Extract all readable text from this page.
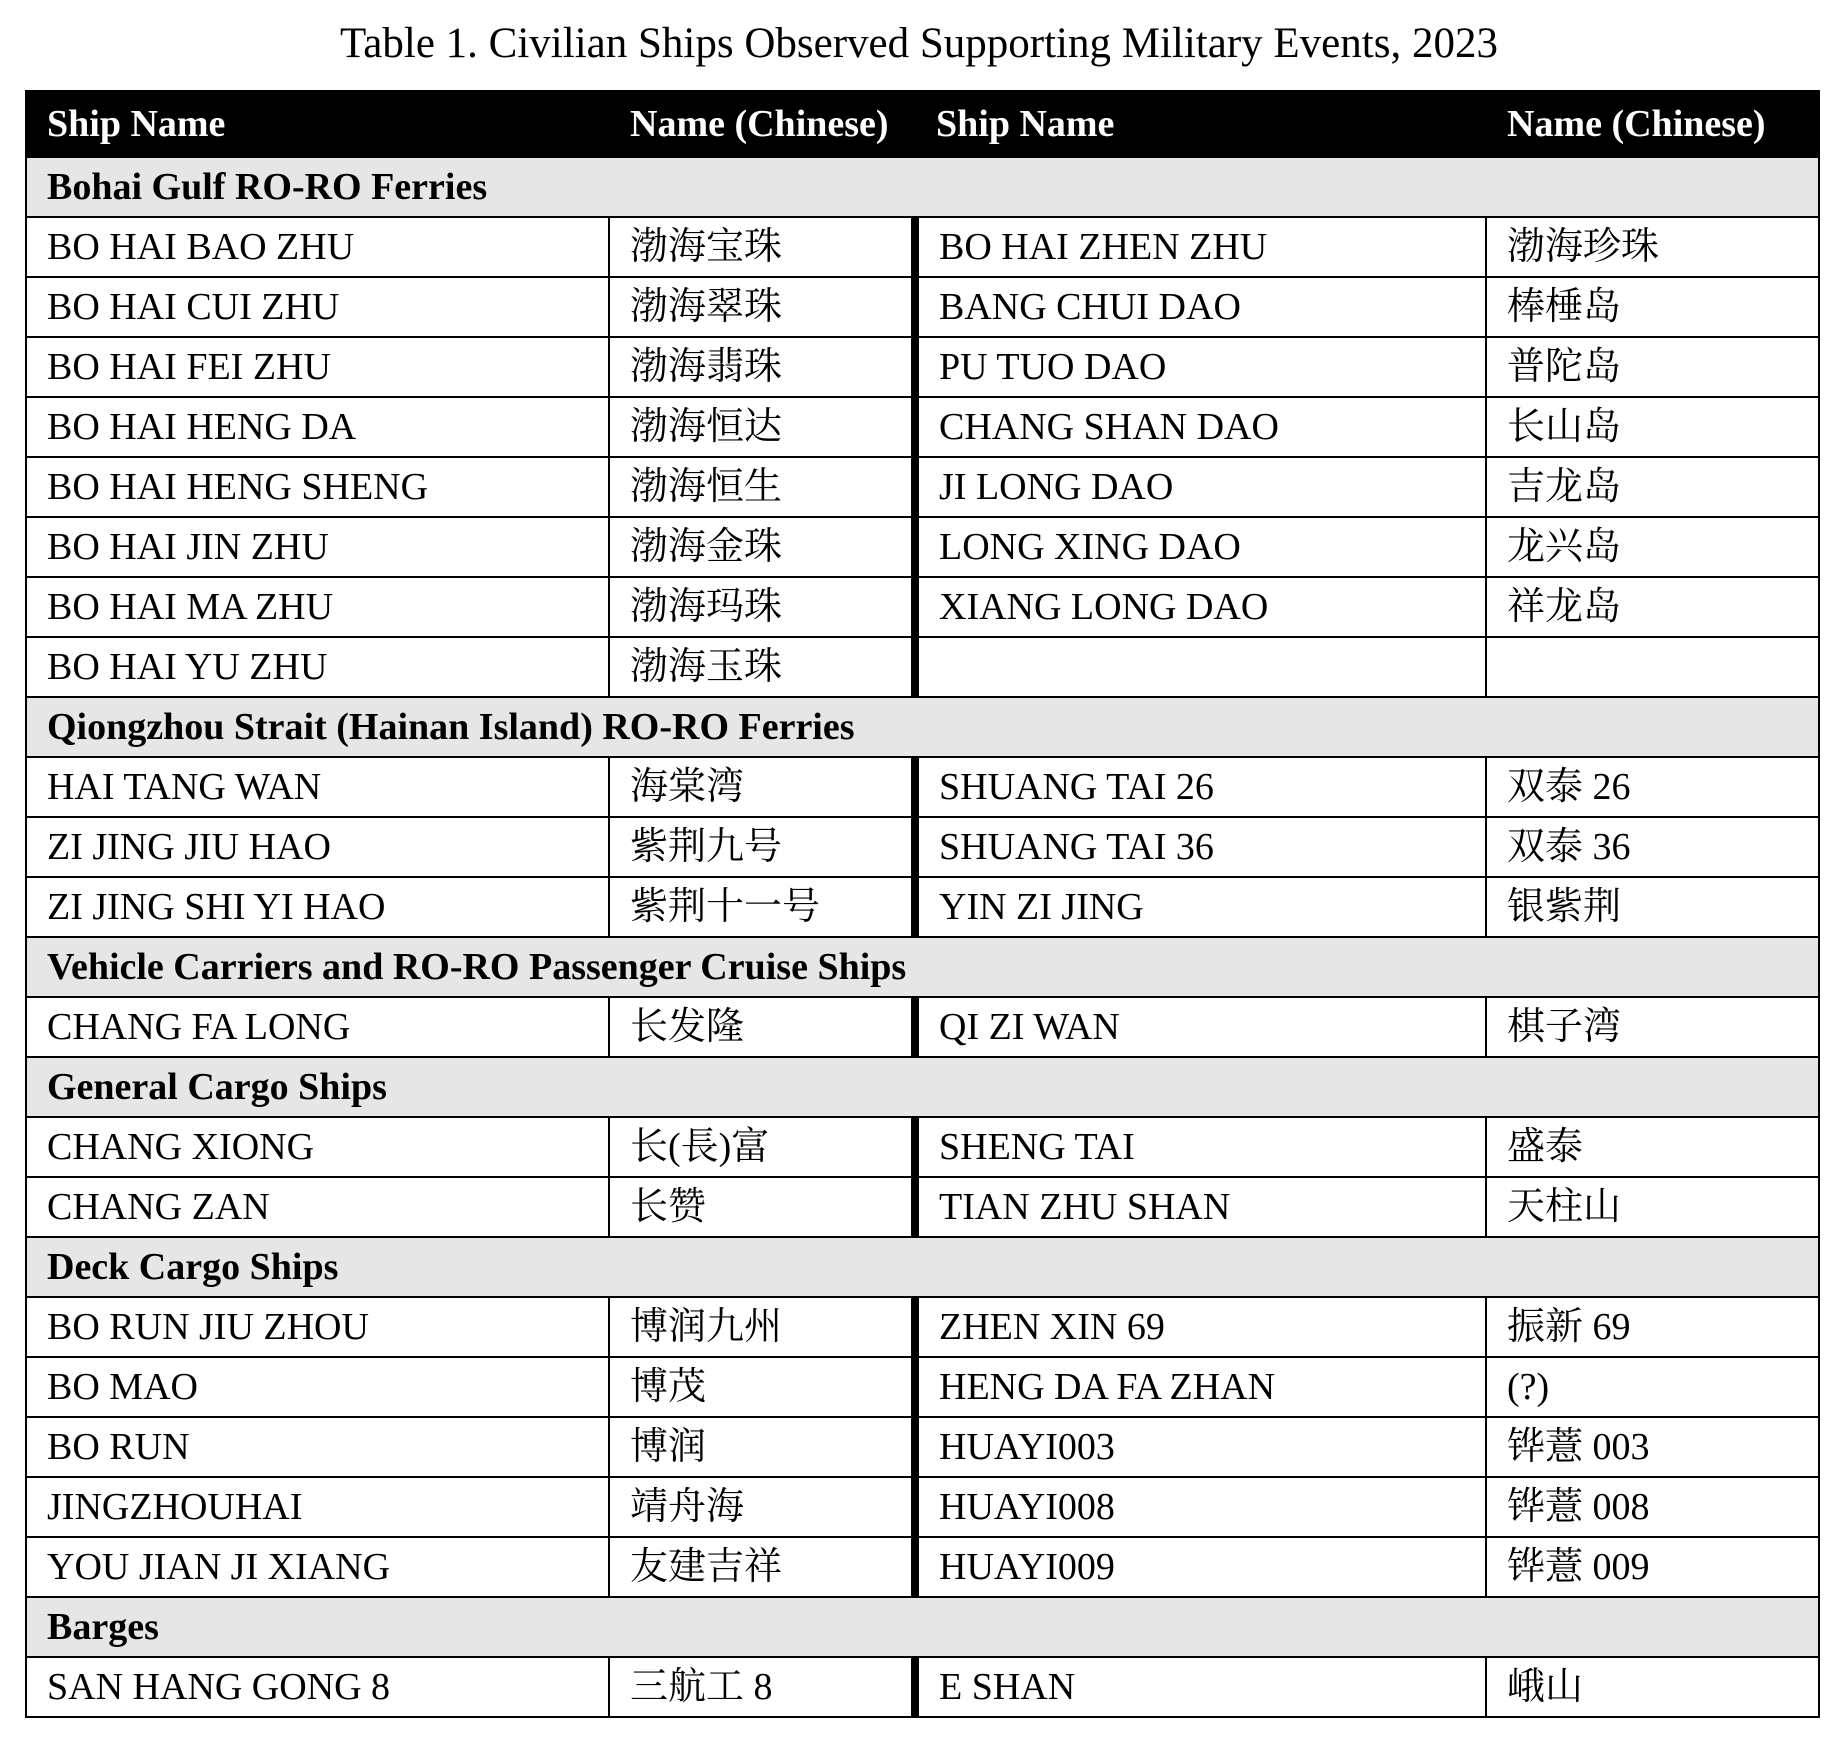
Table 1. Civilian Ships Observed Supporting Military Events, 2023
Ship Name	Name (Chinese)	Ship Name	Name (Chinese)
Bohai Gulf RO-RO Ferries			
BO HAI BAO ZHU	渤海宝珠	BO HAI ZHEN ZHU	渤海珍珠
BO HAI CUI ZHU	渤海翠珠	BANG CHUI DAO	棒棰岛
BO HAI FEI ZHU	渤海翡珠	PU TUO DAO	普陀岛
BO HAI HENG DA	渤海恒达	CHANG SHAN DAO	长山岛
BO HAI HENG SHENG	渤海恒生	JI LONG DAO	吉龙岛
BO HAI JIN ZHU	渤海金珠	LONG XING DAO	龙兴岛
BO HAI MA ZHU	渤海玛珠	XIANG LONG DAO	祥龙岛
BO HAI YU ZHU	渤海玉珠		
Qiongzhou Strait (Hainan Island) RO-RO Ferries			
HAI TANG WAN	海棠湾	SHUANG TAI 26	双泰 26
ZI JING JIU HAO	紫荆九号	SHUANG TAI 36	双泰 36
ZI JING SHI YI HAO	紫荆十一号	YIN ZI JING	银紫荆
Vehicle Carriers and RO-RO Passenger Cruise Ships			
CHANG FA LONG	长发隆	QI ZI WAN	棋子湾
General Cargo Ships			
CHANG XIONG	长(長)富	SHENG TAI	盛泰
CHANG ZAN	长赞	TIAN ZHU SHAN	天柱山
Deck Cargo Ships			
BO RUN JIU ZHOU	博润九州	ZHEN XIN 69	振新 69
BO MAO	博茂	HENG DA FA ZHAN	(?)
BO RUN	博润	HUAYI003	铧薏 003
JINGZHOUHAI	靖舟海	HUAYI008	铧薏 008
YOU JIAN JI XIANG	友建吉祥	HUAYI009	铧薏 009
Barges			
SAN HANG GONG 8	三航工 8	E SHAN	峨山
